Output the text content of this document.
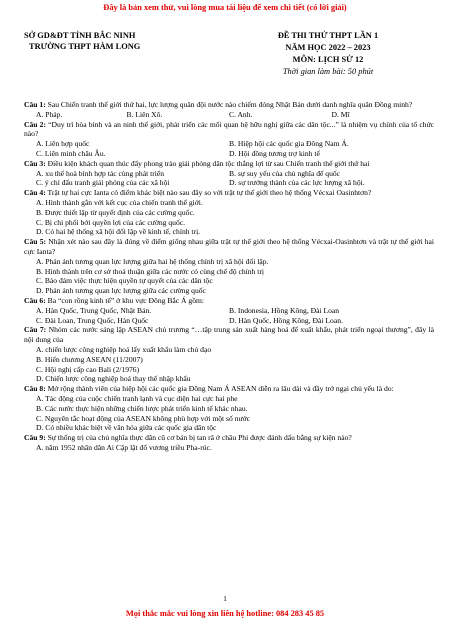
Đây là bản xem thử, vui lòng mua tài liệu để xem chi tiết (có lời giải)
SỞ GD&ĐT TỈNH BẮC NINH
TRƯỜNG THPT HÀM LONG
ĐỀ THI THỬ THPT LẦN 1
NĂM HỌC 2022 – 2023
MÔN: LỊCH SỬ 12
Thời gian làm bài: 50 phút
Câu 1: Sau Chiến tranh thế giới thứ hai, lực lượng quân đội nước nào chiếm đóng Nhật Bản dưới danh nghĩa quân Đồng minh?
A. Pháp.	B. Liên Xô.	C. Anh.	D. Mĩ
Câu 2: “Duy trì hòa bình và an ninh thế giới, phát triển các mối quan hệ hữu nghị giữa các dân tộc...” là nhiệm vụ chính của tổ chức nào?
A. Liên hợp quốc	B. Hiệp hội các quốc gia Đông Nam Á.
C. Liên minh châu Âu.	D. Hội đồng tương trợ kinh tế
Câu 3: Điều kiện khách quan thúc đẩy phong trào giải phóng dân tộc thắng lợi từ sau Chiến tranh thế giới thứ hai
A. xu thế hoà bình hợp tác cùng phát triển	B. sự suy yếu của chủ nghĩa đế quốc
C. ý chí đấu tranh giải phóng của các xã hội	D. sự trưởng thành của các lực lượng xã hội.
Câu 4: Trật tự hai cực Ianta có điểm khác biệt nào sau đây so với trật tự thế giới theo hệ thống Vécxai Oasinhtơn?
A. Hình thành gắn với kết cục của chiến tranh thế giới.
B. Được thiết lập từ quyết định của các cường quốc.
C. Bị chi phối bởi quyền lợi của các cường quốc.
D. Có hai hệ thống xã hội đối lập về kinh tế, chính trị.
Câu 5: Nhận xét nào sau đây là đúng về điểm giống nhau giữa trật tự thế giới theo hệ thống Vécxai-Oasinhtơn và trật tự thế giới hai cực Ianta?
A. Phản ánh tương quan lực lượng giữa hai hệ thống chính trị xã hội đối lập.
B. Hình thành trên cơ sở thoả thuận giữa các nước có cùng chế độ chính trị
C. Bảo đảm việc thực hiện quyền tự quyết của các dân tộc
D. Phản ánh tương quan lực lượng giữa các cường quốc
Câu 6: Ba “con rồng kinh tế” ở khu vực Đông Bắc Á gồm:
A. Hàn Quốc, Trung Quốc, Nhật Bản.	B. Indonesia, Hồng Kông, Đài Loan
C. Đài Loan, Trung Quốc, Hàn Quốc	D. Hàn Quốc, Hồng Kông, Đài Loan.
Câu 7: Nhóm các nước sáng lập ASEAN chủ trương “…tập trung sản xuất hàng hoá để xuất khẩu, phát triển ngoại thương”, đây là nội dung của
A. chiến lược công nghiệp hoá lấy xuất khẩu làm chủ đạo
B. Hiến chương ASEAN (11/2007)
C. Hội nghị cấp cao Bali (2/1976)
D. Chiến lược công nghiệp hoá thay thế nhập khẩu
Câu 8: Mở rộng thành viên của hiệp hội các quốc gia Đông Nam Á ASEAN diễn ra lâu dài và đầy trở ngại chủ yếu là do:
A. Tác động của cuộc chiến tranh lạnh và cục diện hai cực hai phe
B. Các nước thực hiện những chiến lược phát triển kinh tế khác nhau.
C. Nguyên tắc hoạt động của ASEAN không phù hợp với một số nước
D. Có nhiều khác biệt về văn hóa giữa các quốc gia dân tộc
Câu 9: Sự thống trị của chủ nghĩa thực dân cũ cơ bản bị tan rã ở châu Phi được đánh dấu bằng sự kiện nào?
A. năm 1952 nhân dân Ai Cập lật đổ vương triều Pha-rúc.
1
Mọi thắc mắc vui lòng xin liên hệ hotline: 084 283 45 85
